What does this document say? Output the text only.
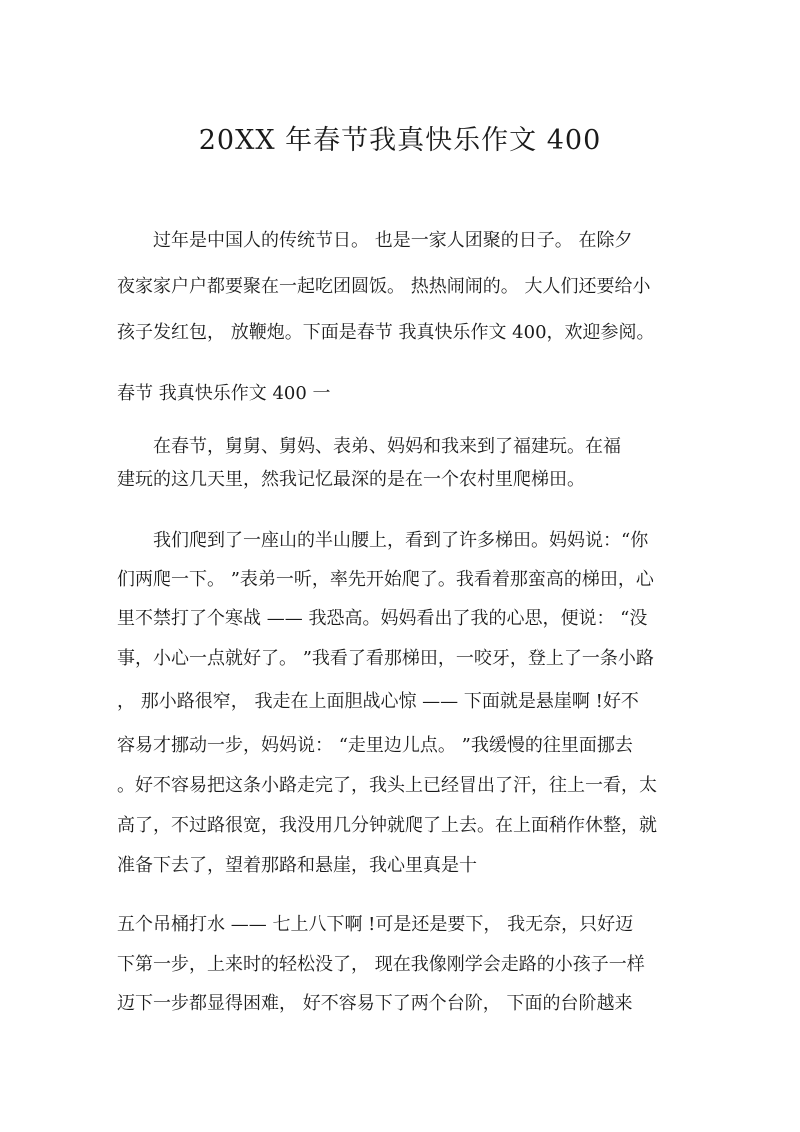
20XX 年春节我真快乐作文 400

过年是中国人的传统节日。 也是一家人团聚的日子。 在除夕

夜家家户户都要聚在一起吃团圆饭。 热热闹闹的。 大人们还要给小

孩子发红包， 放鞭炮。下面是春节 我真快乐作文 400，欢迎参阅。

春节 我真快乐作文 400 一

在春节，舅舅、舅妈、表弟、妈妈和我来到了福建玩。在福

建玩的这几天里，然我记忆最深的是在一个农村里爬梯田。

我们爬到了一座山的半山腰上，看到了许多梯田。妈妈说：“你

们两爬一下。 ”表弟一听，率先开始爬了。我看着那蛮高的梯田，心

里不禁打了个寒战 —— 我恐高。妈妈看出了我的心思，便说： “没

事，小心一点就好了。 ”我看了看那梯田，一咬牙，登上了一条小路

， 那小路很窄， 我走在上面胆战心惊 —— 下面就是悬崖啊 !好不

容易才挪动一步，妈妈说： “走里边儿点。 ”我缓慢的往里面挪去

。好不容易把这条小路走完了，我头上已经冒出了汗，往上一看，太

高了，不过路很宽，我没用几分钟就爬了上去。在上面稍作休整，就

准备下去了，望着那路和悬崖，我心里真是十

五个吊桶打水 —— 七上八下啊 !可是还是要下， 我无奈，只好迈

下第一步，上来时的轻松没了， 现在我像刚学会走路的小孩子一样

迈下一步都显得困难， 好不容易下了两个台阶， 下面的台阶越来
